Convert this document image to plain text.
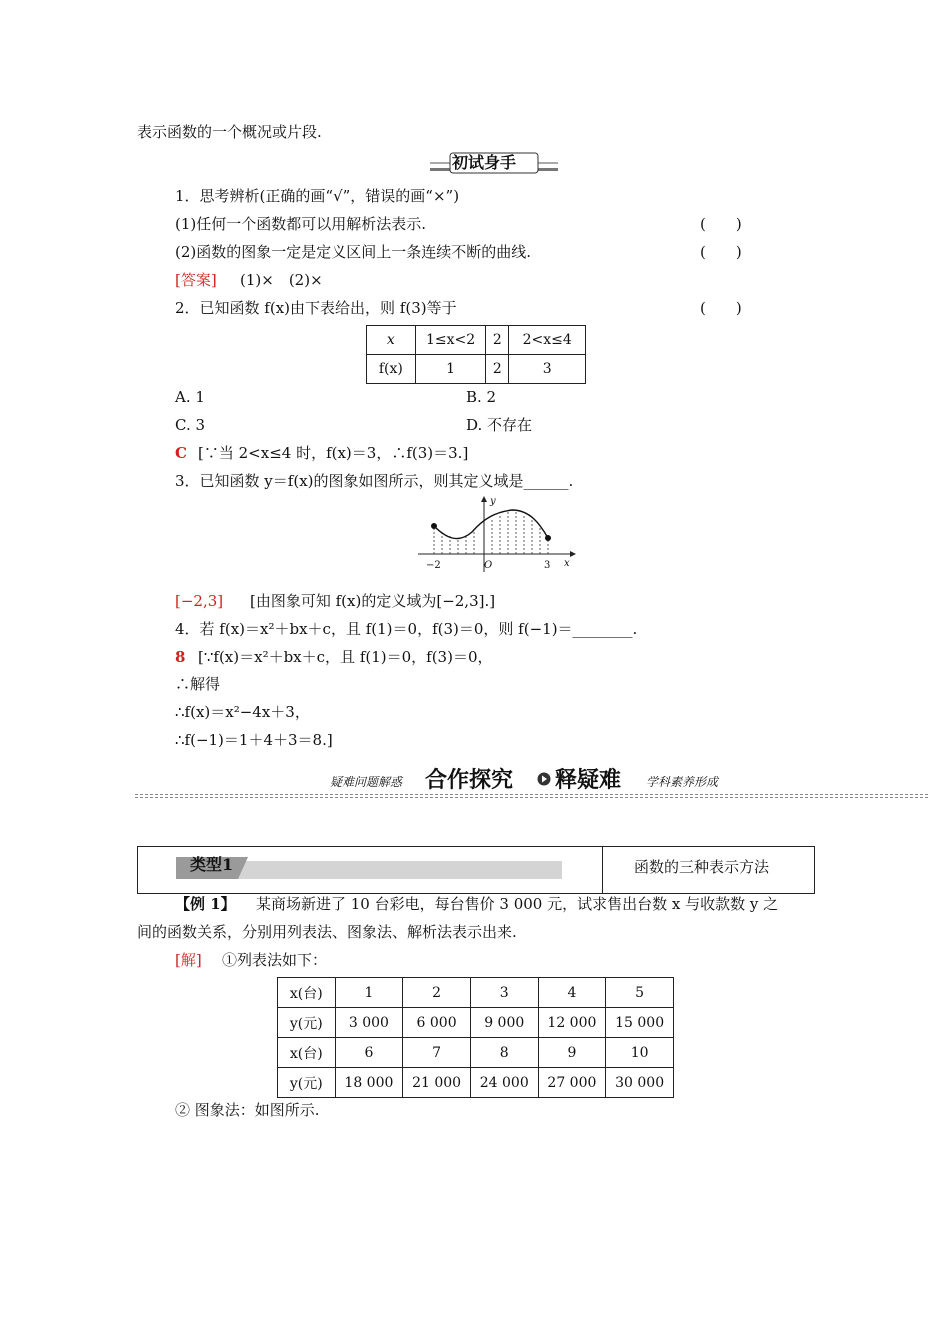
表示函数的一个概况或片段.
初试身手
1．思考辨析(正确的画“√”，错误的画“×”)
(1)任何一个函数都可以用解析法表示.	(　　)
(2)函数的图象一定是定义区间上一条连续不断的曲线.	(　　)
[答案] (1)×　(2)×
2．已知函数 f(x)由下表给出，则 f(3)等于	(　　)
x	1≤x<2	2	2<x≤4
f(x)	1	2	3
A. 1	B. 2
C. 3	D. 不存在
C [∵当 2<x≤4 时，f(x)＝3，∴f(3)＝3.]
3．已知函数 y＝f(x)的图象如图所示，则其定义域是______.
y
x
−2	O	3
[−2,3] [由图象可知 f(x)的定义域为[−2,3].]
4．若 f(x)＝x²＋bx＋c，且 f(1)＝0，f(3)＝0，则 f(−1)＝________.
8 [∵f(x)＝x²＋bx＋c，且 f(1)＝0，f(3)＝0，
∴解得
∴f(x)＝x²−4x＋3，
∴f(−1)＝1＋4＋3＝8.]
疑难问题解惑 合作探究 释疑难 学科素养形成
类型1	函数的三种表示方法
【例 1】 某商场新进了 10 台彩电，每台售价 3 000 元，试求售出台数 x 与收款数 y 之
间的函数关系，分别用列表法、图象法、解析法表示出来.
[解] ①列表法如下：
x(台)	1	2	3	4	5
y(元)	3 000	6 000	9 000	12 000	15 000
x(台)	6	7	8	9	10
y(元)	18 000	21 000	24 000	27 000	30 000
② 图象法：如图所示.
